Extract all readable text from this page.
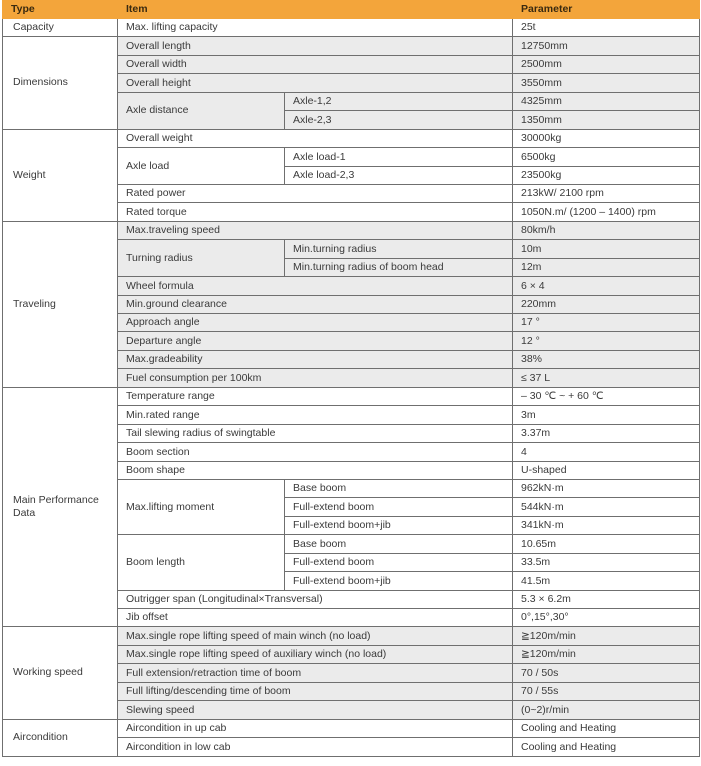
Type	Item		Parameter
Capacity	Max. lifting capacity		25t
Dimensions	Overall length		12750mm
	Overall width		2500mm
	Overall height		3550mm
	Axle distance	Axle-1,2	4325mm
		Axle-2,3	1350mm
Weight	Overall weight		30000kg
	Axle load	Axle load-1	6500kg
		Axle load-2,3	23500kg
	Rated power		213kW/ 2100 rpm
	Rated torque		1050N.m/ (1200 – 1400) rpm
Traveling	Max.traveling speed		80km/h
	Turning radius	Min.turning radius	10m
		Min.turning radius of boom head	12m
	Wheel formula		6 × 4
	Min.ground clearance		220mm
	Approach angle		17 °
	Departure angle		12 °
	Max.gradeability		38%
	Fuel consumption per 100km		≤ 37 L
Main Performance Data	Temperature range		– 30 ℃ ~ + 60 ℃
	Min.rated range		3m
	Tail slewing radius of swingtable		3.37m
	Boom section		4
	Boom shape		U-shaped
	Max.lifting moment	Base boom	962kN·m
		Full-extend boom	544kN·m
		Full-extend boom+jib	341kN·m
	Boom length	Base boom	10.65m
		Full-extend boom	33.5m
		Full-extend boom+jib	41.5m
	Outrigger span (Longitudinal×Transversal)		5.3 × 6.2m
	Jib offset		0°,15°,30°
Working speed	Max.single rope lifting speed of main winch (no load)		≧120m/min
	Max.single rope lifting speed of auxiliary winch (no load)		≧120m/min
	Full extension/retraction time of boom		70 / 50s
	Full lifting/descending time of boom		70 / 55s
	Slewing speed		(0~2)r/min
Aircondition	Aircondition in up cab		Cooling and Heating
	Aircondition in low cab		Cooling and Heating
